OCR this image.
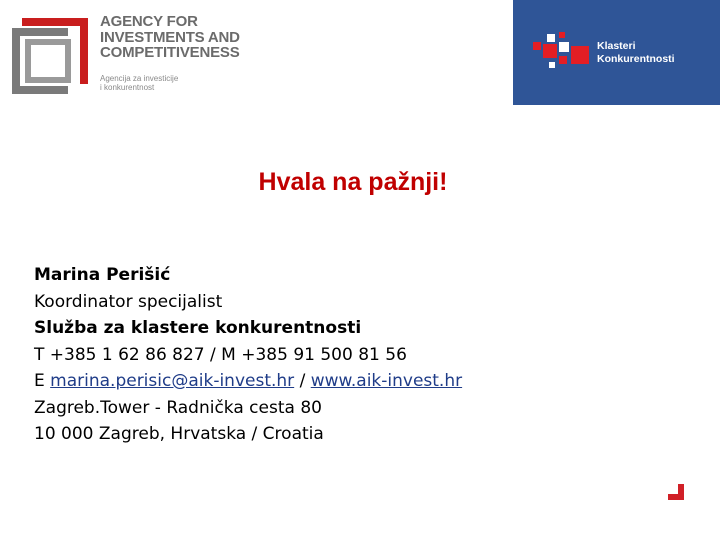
AGENCY FOR
INVESTMENTS AND
COMPETITIVENESS
Agencija za investicije
i konkurentnost
Klasteri
Konkurentnosti
Hvala na pažnji!
Marina Perišić
Koordinator specijalist
Služba za klastere konkurentnosti
T +385 1 62 86 827 / M +385 91 500 81 56
E marina.perisic@aik-invest.hr / www.aik-invest.hr
Zagreb.Tower - Radnička cesta 80
10 000 Zagreb, Hrvatska / Croatia
